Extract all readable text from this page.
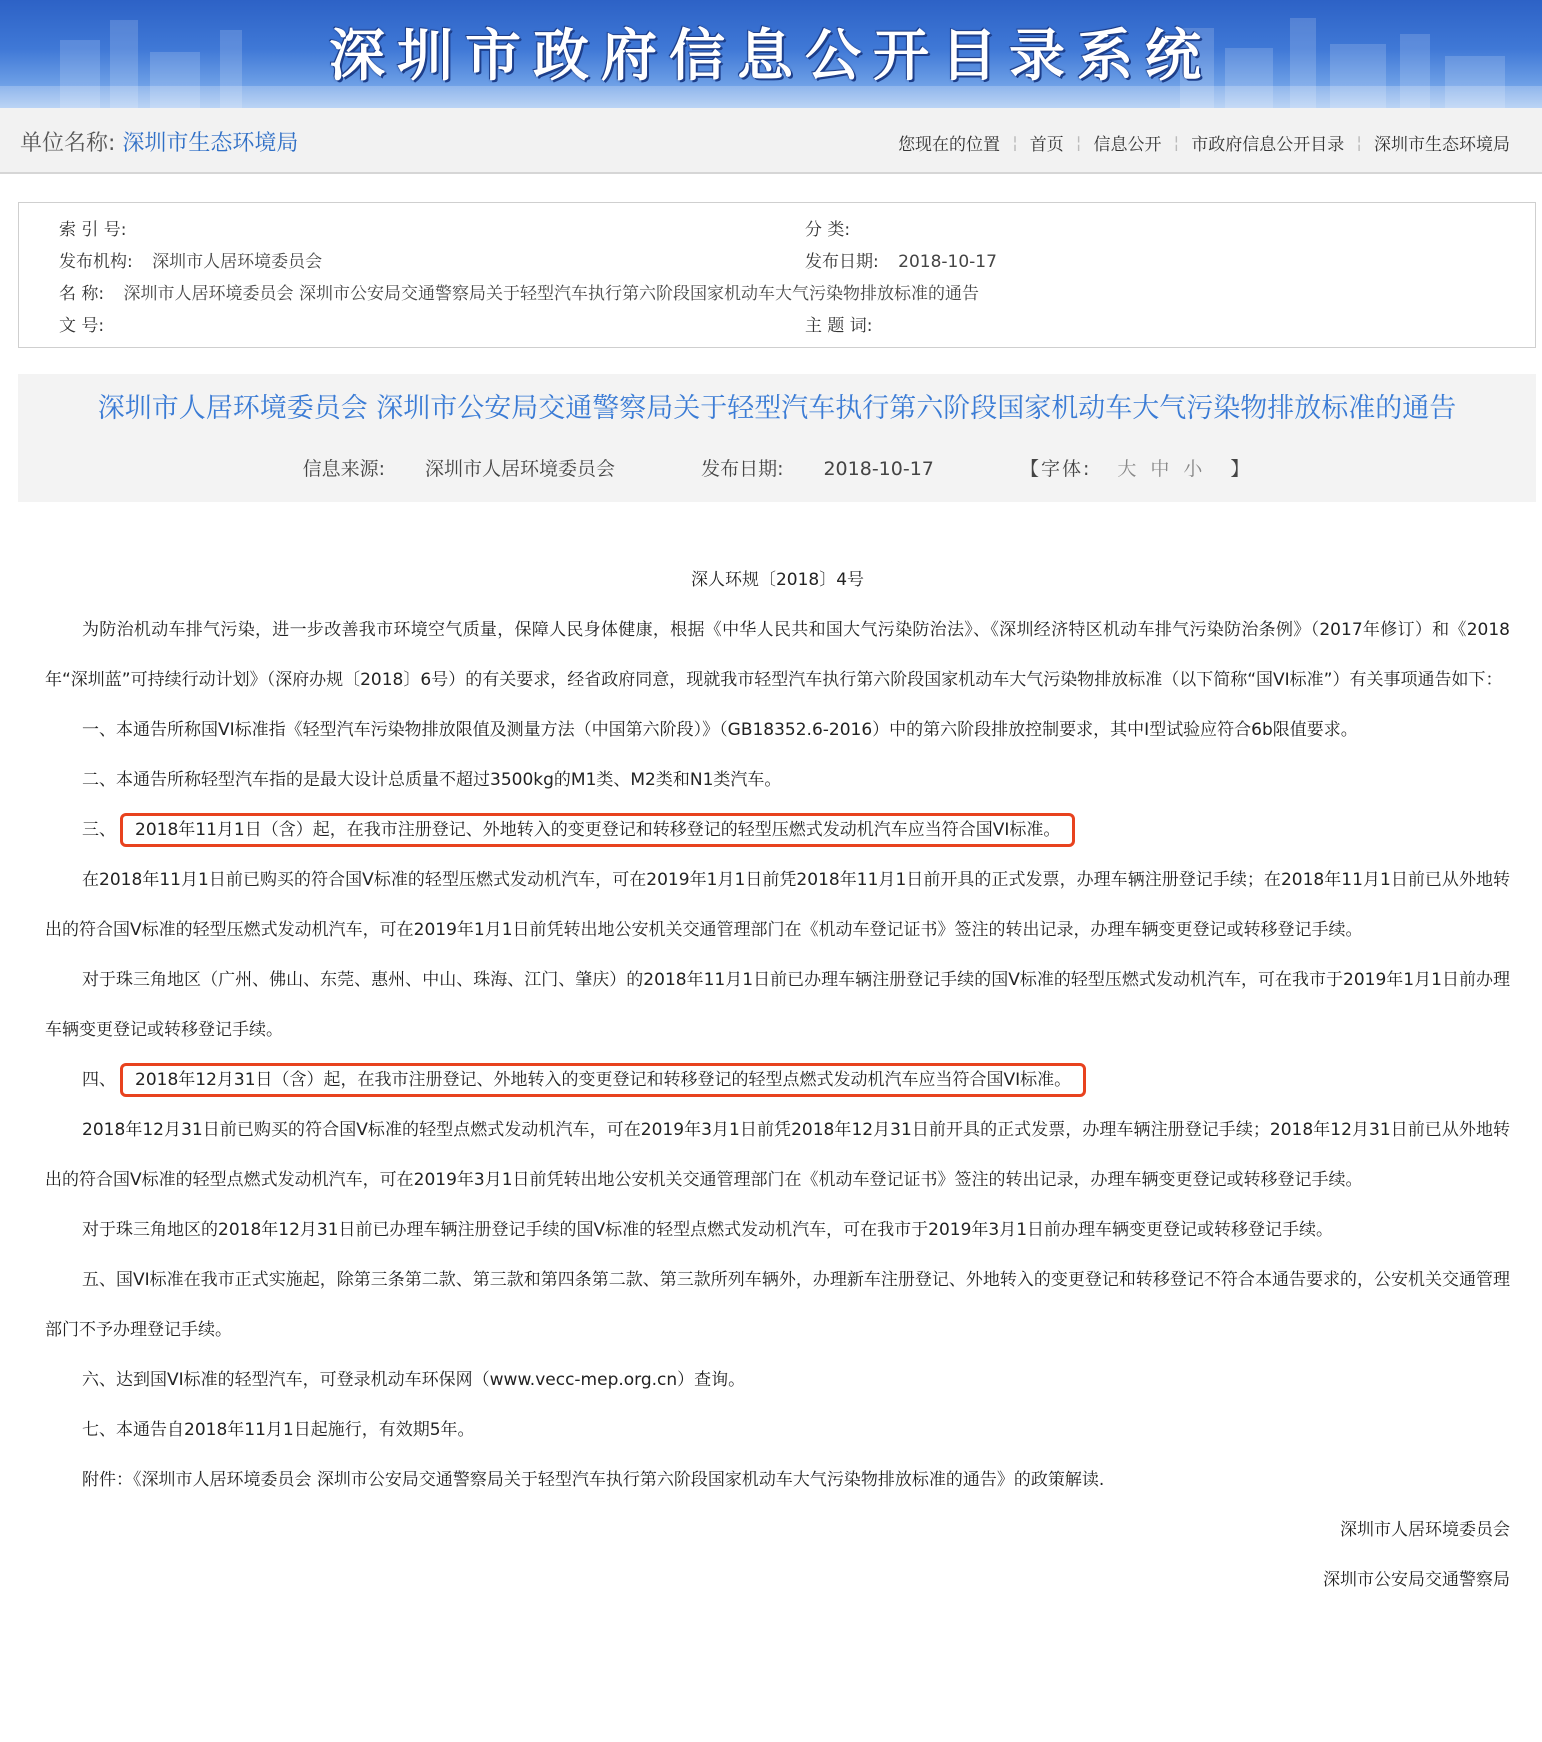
深圳市政府信息公开目录系统
单位名称: 深圳市生态环境局	您现在的位置 ¦ 首页 ¦ 信息公开 ¦ 市政府信息公开目录 ¦ 深圳市生态环境局
索 引 号:	分 类:
发布机构: 深圳市人居环境委员会	发布日期: 2018-10-17
名 称: 深圳市人居环境委员会 深圳市公安局交通警察局关于轻型汽车执行第六阶段国家机动车大气污染物排放标准的通告
文 号:	主 题 词:
深圳市人居环境委员会 深圳市公安局交通警察局关于轻型汽车执行第六阶段国家机动车大气污染物排放标准的通告
信息来源: 深圳市人居环境委员会	发布日期: 2018-10-17	【字体: 大 中 小 】

深人环规〔2018〕4号

为防治机动车排气污染，进一步改善我市环境空气质量，保障人民身体健康，根据《中华人民共和国大气污染防治法》、《深圳经济特区机动车排气污染防治条例》（2017年修订）和《2018年“深圳蓝”可持续行动计划》（深府办规〔2018〕6号）的有关要求，经省政府同意，现就我市轻型汽车执行第六阶段国家机动车大气污染物排放标准（以下简称“国VI标准”）有关事项通告如下：

一、本通告所称国VI标准指《轻型汽车污染物排放限值及测量方法（中国第六阶段）》（GB18352.6-2016）中的第六阶段排放控制要求，其中Ⅰ型试验应符合6b限值要求。

二、本通告所称轻型汽车指的是最大设计总质量不超过3500kg的M1类、M2类和N1类汽车。

三、 2018年11月1日（含）起，在我市注册登记、外地转入的变更登记和转移登记的轻型压燃式发动机汽车应当符合国VI标准。

在2018年11月1日前已购买的符合国Ⅴ标准的轻型压燃式发动机汽车，可在2019年1月1日前凭2018年11月1日前开具的正式发票，办理车辆注册登记手续；在2018年11月1日前已从外地转出的符合国Ⅴ标准的轻型压燃式发动机汽车，可在2019年1月1日前凭转出地公安机关交通管理部门在《机动车登记证书》签注的转出记录，办理车辆变更登记或转移登记手续。

对于珠三角地区（广州、佛山、东莞、惠州、中山、珠海、江门、肇庆）的2018年11月1日前已办理车辆注册登记手续的国Ⅴ标准的轻型压燃式发动机汽车，可在我市于2019年1月1日前办理车辆变更登记或转移登记手续。

四、 2018年12月31日（含）起，在我市注册登记、外地转入的变更登记和转移登记的轻型点燃式发动机汽车应当符合国VI标准。

2018年12月31日前已购买的符合国Ⅴ标准的轻型点燃式发动机汽车，可在2019年3月1日前凭2018年12月31日前开具的正式发票，办理车辆注册登记手续；2018年12月31日前已从外地转出的符合国Ⅴ标准的轻型点燃式发动机汽车，可在2019年3月1日前凭转出地公安机关交通管理部门在《机动车登记证书》签注的转出记录，办理车辆变更登记或转移登记手续。

对于珠三角地区的2018年12月31日前已办理车辆注册登记手续的国Ⅴ标准的轻型点燃式发动机汽车，可在我市于2019年3月1日前办理车辆变更登记或转移登记手续。

五、国VI标准在我市正式实施起，除第三条第二款、第三款和第四条第二款、第三款所列车辆外，办理新车注册登记、外地转入的变更登记和转移登记不符合本通告要求的，公安机关交通管理部门不予办理登记手续。

六、达到国VI标准的轻型汽车，可登录机动车环保网（www.vecc-mep.org.cn）查询。

七、本通告自2018年11月1日起施行，有效期5年。

附件：《深圳市人居环境委员会 深圳市公安局交通警察局关于轻型汽车执行第六阶段国家机动车大气污染物排放标准的通告》的政策解读.

深圳市人居环境委员会

深圳市公安局交通警察局
